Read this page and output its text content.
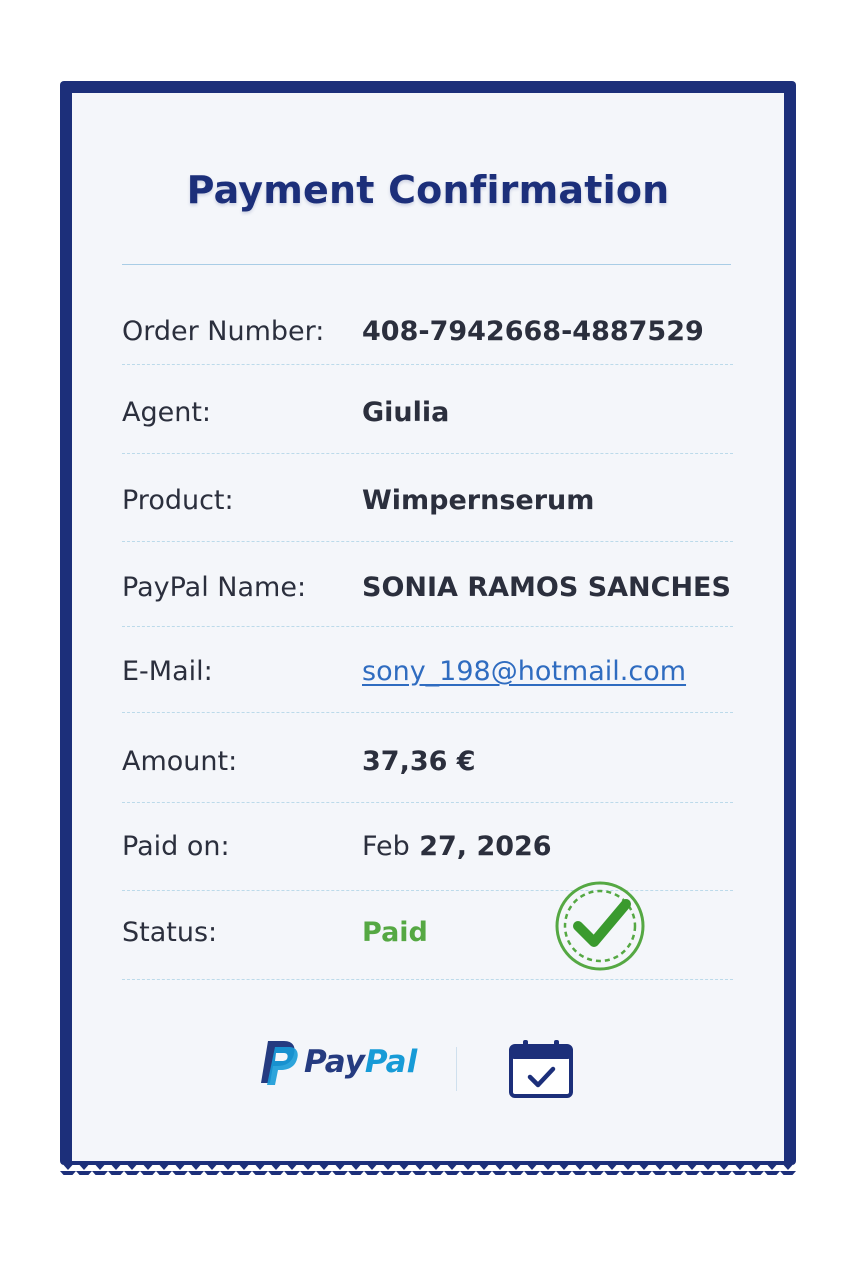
Payment Confirmation
Order Number: 408-7942668-4887529
Agent:	Giulia
Product:	Wimpernserum
PayPal Name: SONIA RAMOS SANCHES
E-Mail:	sony_198@hotmail.com
Amount:	37,36 €
Paid on:	Feb 27, 2026
Status:	Paid
PayPal
